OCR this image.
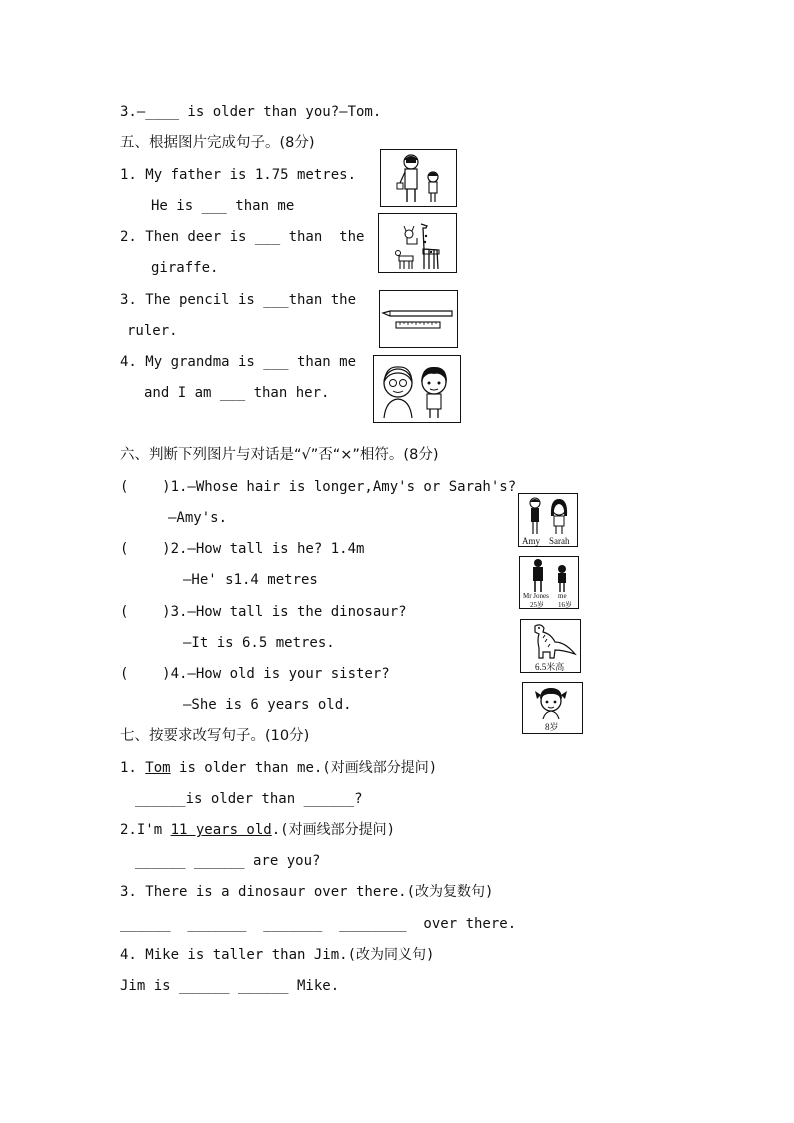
3.—____ is older than you?—Tom.
五、根据图片完成句子。(8分)
1. My father is 1.75 metres.
He is ___ than me
2. Then deer is ___ than  the
giraffe.
3. The pencil is ___than the
ruler.
4. My grandma is ___ than me
and I am ___ than her.
六、判断下列图片与对话是“√”否“×”相符。(8分)
(    )1.—Whose hair is longer,Amy's or Sarah's?
—Amy's.
(    )2.—How tall is he? 1.4m
—He' s1.4 metres
(    )3.—How tall is the dinosaur?
—It is 6.5 metres.
(    )4.—How old is your sister?
—She is 6 years old.
Amy Sarah
Mr Jones me
25岁 16岁
6.5米高
8岁
七、按要求改写句子。(10分)
1. Tom is older than me.(对画线部分提问)
______is older than ______?
2.I'm 11 years old.(对画线部分提问)
______ ______ are you?
3. There is a dinosaur over there.(改为复数句)
______  _______  _______  ________  over there.
4. Mike is taller than Jim.(改为同义句)
Jim is ______ ______ Mike.
